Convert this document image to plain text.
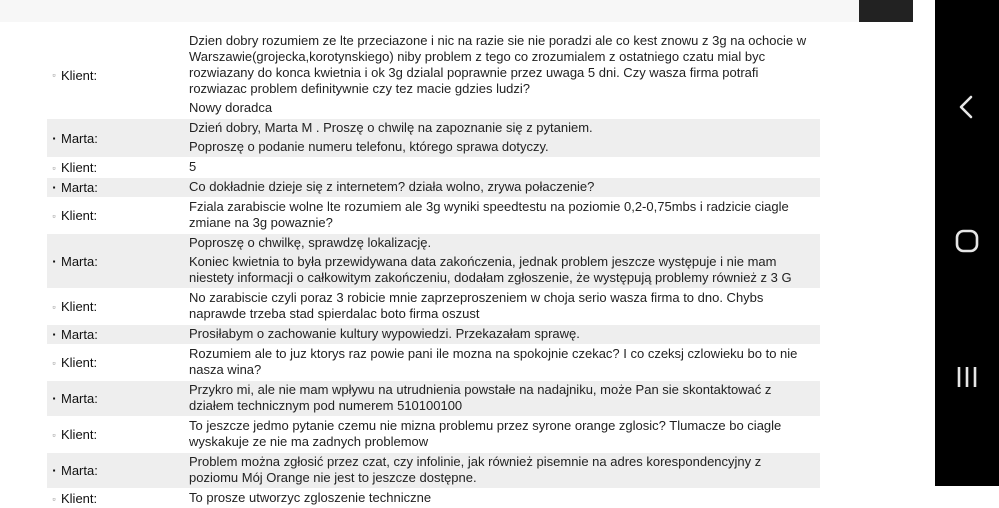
▫ Klient:
Dzien dobry rozumiem ze lte przeciazone i nic na razie sie nie poradzi ale co kest znowu z 3g na ochocie w Warszawie(grojecka,korotynskiego) niby problem z tego co zrozumialem z ostatniego czatu mial byc rozwiazany do konca kwietnia i ok 3g dzialal poprawnie przez uwaga 5 dni. Czy wasza firma potrafi rozwiazac problem definitywnie czy tez macie gdzies ludzi?
Nowy doradca
▪ Marta:
Dzień dobry, Marta M . Proszę o chwilę na zapoznanie się z pytaniem.
Poproszę o podanie numeru telefonu, którego sprawa dotyczy.
▫ Klient:	5
▪ Marta:	Co dokładnie dzieje się z internetem? działa wolno, zrywa połaczenie?
▫ Klient:
Fziala zarabiscie wolne lte rozumiem ale 3g wyniki speedtestu na poziomie 0,2-0,75mbs i radzicie ciagle zmiane na 3g powaznie?
▪ Marta:
Poproszę o chwilkę, sprawdzę lokalizację.
Koniec kwietnia to była przewidywana data zakończenia, jednak problem jeszcze występuje i nie mam niestety informacji o całkowitym zakończeniu, dodałam zgłoszenie, że występują problemy również z 3 G
▫ Klient:
No zarabiscie czyli poraz 3 robicie mnie zaprzeproszeniem w choja serio wasza firma to dno. Chybs naprawde trzeba stad spierdalac boto firma oszust
▪ Marta:	Prosiłabym o zachowanie kultury wypowiedzi. Przekazałam sprawę.
▫ Klient:
Rozumiem ale to juz ktorys raz powie pani ile mozna na spokojnie czekac? I co czeksj czlowieku bo to nie nasza wina?
▪ Marta:
Przykro mi, ale nie mam wpływu na utrudnienia powstałe na nadajniku, może Pan sie skontaktować z działem technicznym pod numerem 510100100
▫ Klient:
To jeszcze jedmo pytanie czemu nie mizna problemu przez syrone orange zglosic? Tlumacze bo ciagle wyskakuje ze nie ma zadnych problemow
▪ Marta:
Problem można zgłosić przez czat, czy infolinie, jak również pisemnie na adres korespondencyjny z poziomu Mój Orange nie jest to jeszcze dostępne.
▫ Klient:	To prosze utworzyc zgloszenie techniczne
